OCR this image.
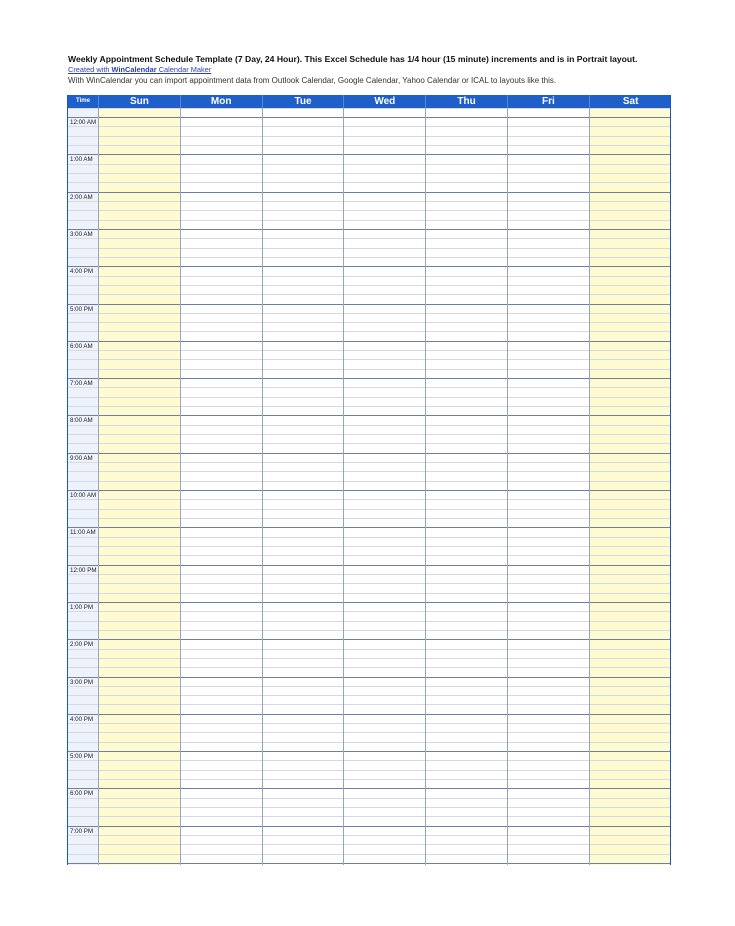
Weekly Appointment Schedule Template (7 Day, 24 Hour). This Excel Schedule has 1/4 hour (15 minute) increments and is in Portrait layout.
Created with WinCalendar Calendar Maker
With WinCalendar you can import appointment data from Outlook Calendar, Google Calendar, Yahoo Calendar or ICAL to layouts like this.
Time	Sun	Mon	Tue	Wed	Thu	Fri	Sat
12:00 AM
1:00 AM
2:00 AM
3:00 AM
4:00 PM
5:00 PM
6:00 AM
7:00 AM
8:00 AM
9:00 AM
10:00 AM
11:00 AM
12:00 PM
1:00 PM
2:00 PM
3:00 PM
4:00 PM
5:00 PM
6:00 PM
7:00 PM
